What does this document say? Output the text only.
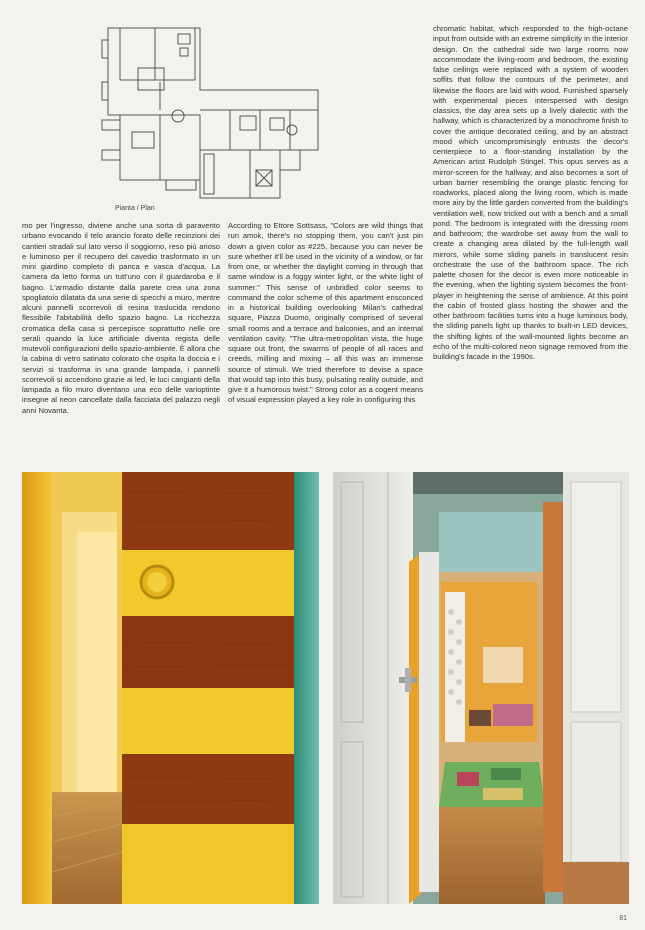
Pianta / Plan

mo per l'ingresso, diviene anche una sorta di paravento urbano evocando il telo arancio forato delle recinzioni dei cantieri stradali sul lato verso il soggiorno, reso più arioso e luminoso per il recupero del cavedio trasformato in un mini giardino completo di panca e vasca d'acqua. La camera da letto forma un tutt'uno con il guardaroba e il bagno. L'armadio distante dalla parete crea una zona spogliatoio dilatata da una serie di specchi a muro, mentre alcuni pannelli scorrevoli di resina traslucida rendono flessibile l'abitabilità dello spazio bagno. La ricchezza cromatica della casa si percepisce soprattutto nelle ore serali quando la luce artificiale diventa regista delle mutevoli configurazioni dello spazio-ambiente. È allora che la cabina di vetro satinato colorato che ospita la doccia e i servizi si trasforma in una grande lampada, i pannelli scorrevoli si accendono grazie ai led, le luci cangianti della lampada a filo muro diventano una eco delle varioptinte insegne al neon cancellate dalla facciata del palazzo negli anni Novanta.

According to Ettore Sottsass, "Colors are wild things that run amok, there's no stopping them, you can't just pin down a given color as #225, because you can never be sure whether it'll be used in the vicinity of a window, or far from one, or whether the daylight coming in through that same window is a foggy winter light, or the white light of summer." This sense of unbridled color seems to command the color scheme of this apartment ensconced in a historical building overlooking Milan's cathedral square, Piazza Duomo, originally comprised of several small rooms and a terrace and balconies, and an internal ventilation cavity. "The ultra-metropolitan vista, the huge square out front, the swarms of people of all races and creeds, milling and mixing – all this was an immense source of stimuli. We tried therefore to devise a space that would tap into this busy, pulsating reality outside, and give it a humorous twist." Strong color as a cogent means of visual expression played a key role in configuring this

chromatic habitat, which responded to the high-octane input from outside with an extreme simplicity in the interior design. On the cathedral side two large rooms now accommodate the living-room and bedroom, the existing false ceilings were replaced with a system of wooden soffits that follow the contours of the perimeter, and likewise the floors are laid with wood. Furnished sparsely with experimental pieces interspersed with design classics, the day area sets up a lively dialectic with the hallway, which is characterized by a monochrome finish to cover the antique decorated ceiling, and by an abstract mood which uncompromisingly entrusts the decor's centerpiece to a floor-standing installation by the American artist Rudolph Stingel. This opus serves as a mirror-screen for the hallway, and also becomes a sort of urban barrier resembling the orange plastic fencing for roadworks, placed along the living room, which is made more airy by the little garden converted from the building's ventilation well, now tricked out with a bench and a small pond. The bedroom is integrated with the dressing room and bathroom; the wardrobe set away from the wall to create a changing area dilated by the full-length wall mirrors, while some sliding panels in translucent resin orchestrate the use of the bathroom space. The rich palette chosen for the decor is even more noticeable in the evening, when the lighting system becomes the front-player in heightening the sense of ambience. At this point the cabin of frosted glass hosting the shower and the other bathroom facilities turns into a huge luminous body, the sliding panels light up thanks to built-in LED devices, the shifting lights of the wall-mounted lights become an echo of the multi-colored neon signage removed from the building's facade in the 1990s.

81
